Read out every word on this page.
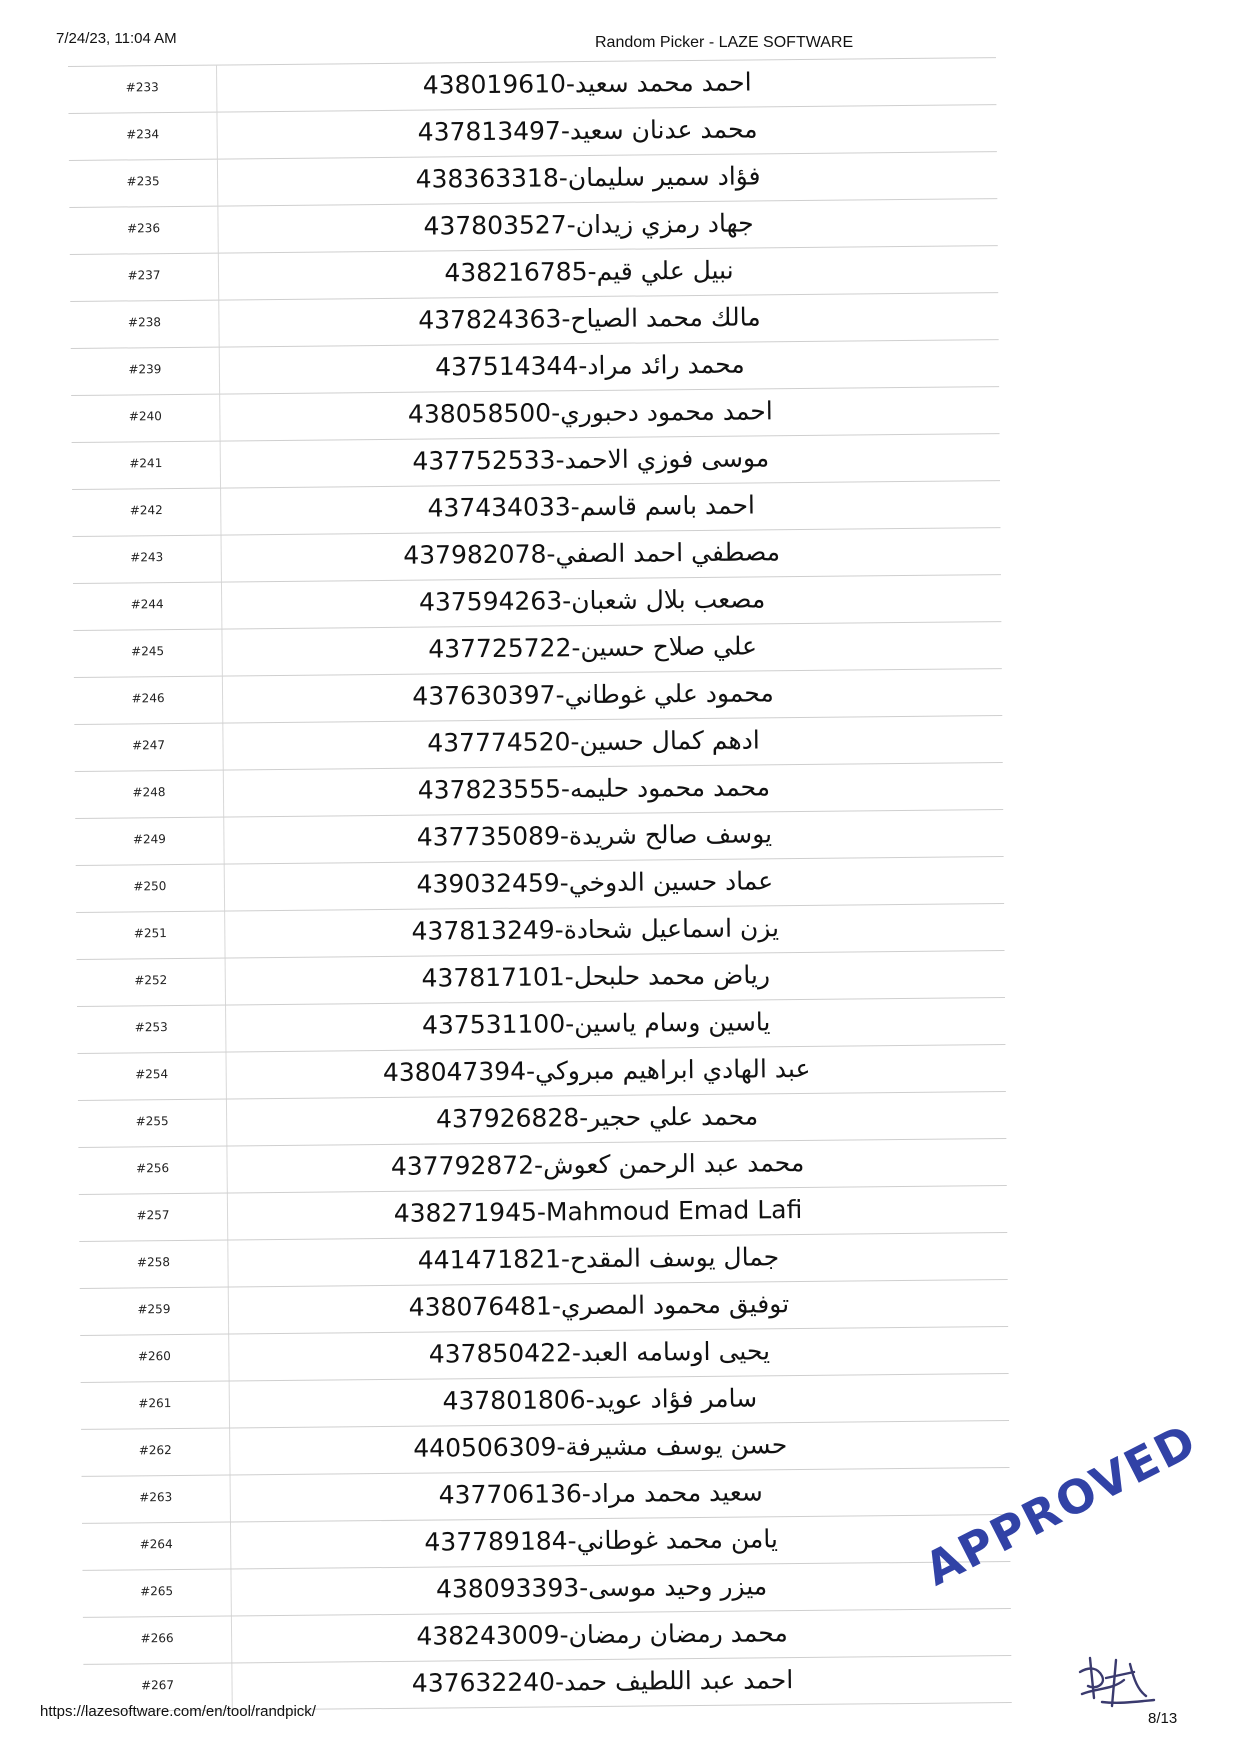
7/24/23, 11:04 AM	Random Picker - LAZE SOFTWARE
#233	احمد محمد سعيد-438019610
#234	محمد عدنان سعيد-437813497
#235	فؤاد سمير سليمان-438363318
#236	جهاد رمزي زيدان-437803527
#237	نبيل علي قيم-438216785
#238	مالك محمد الصياح-437824363
#239	محمد رائد مراد-437514344
#240	احمد محمود دحبوري-438058500
#241	موسى فوزي الاحمد-437752533
#242	احمد باسم قاسم-437434033
#243	مصطفي احمد الصفي-437982078
#244	مصعب بلال شعبان-437594263
#245	علي صلاح حسين-437725722
#246	محمود علي غوطاني-437630397
#247	ادهم كمال حسين-437774520
#248	محمد محمود حليمه-437823555
#249	يوسف صالح شريدة-437735089
#250	عماد حسين الدوخي-439032459
#251	يزن اسماعيل شحادة-437813249
#252	رياض محمد حلبحل-437817101
#253	ياسين وسام ياسين-437531100
#254	عبد الهادي ابراهيم مبروكي-438047394
#255	محمد علي حجير-437926828
#256	محمد عبد الرحمن كعوش-437792872
#257	438271945-Mahmoud Emad Lafi
#258	جمال يوسف المقدح-441471821
#259	توفيق محمود المصري-438076481
#260	يحيى اوسامه العبد-437850422
#261	سامر فؤاد عويد-437801806
#262	حسن يوسف مشيرفة-440506309
#263	سعيد محمد مراد-437706136
#264	يامن محمد غوطاني-437789184
#265	ميزر وحيد موسى-438093393
#266	محمد رمضان رمضان-438243009
#267	احمد عبد اللطيف حمد-437632240
APPROVED
https://lazesoftware.com/en/tool/randpick/	8/13
